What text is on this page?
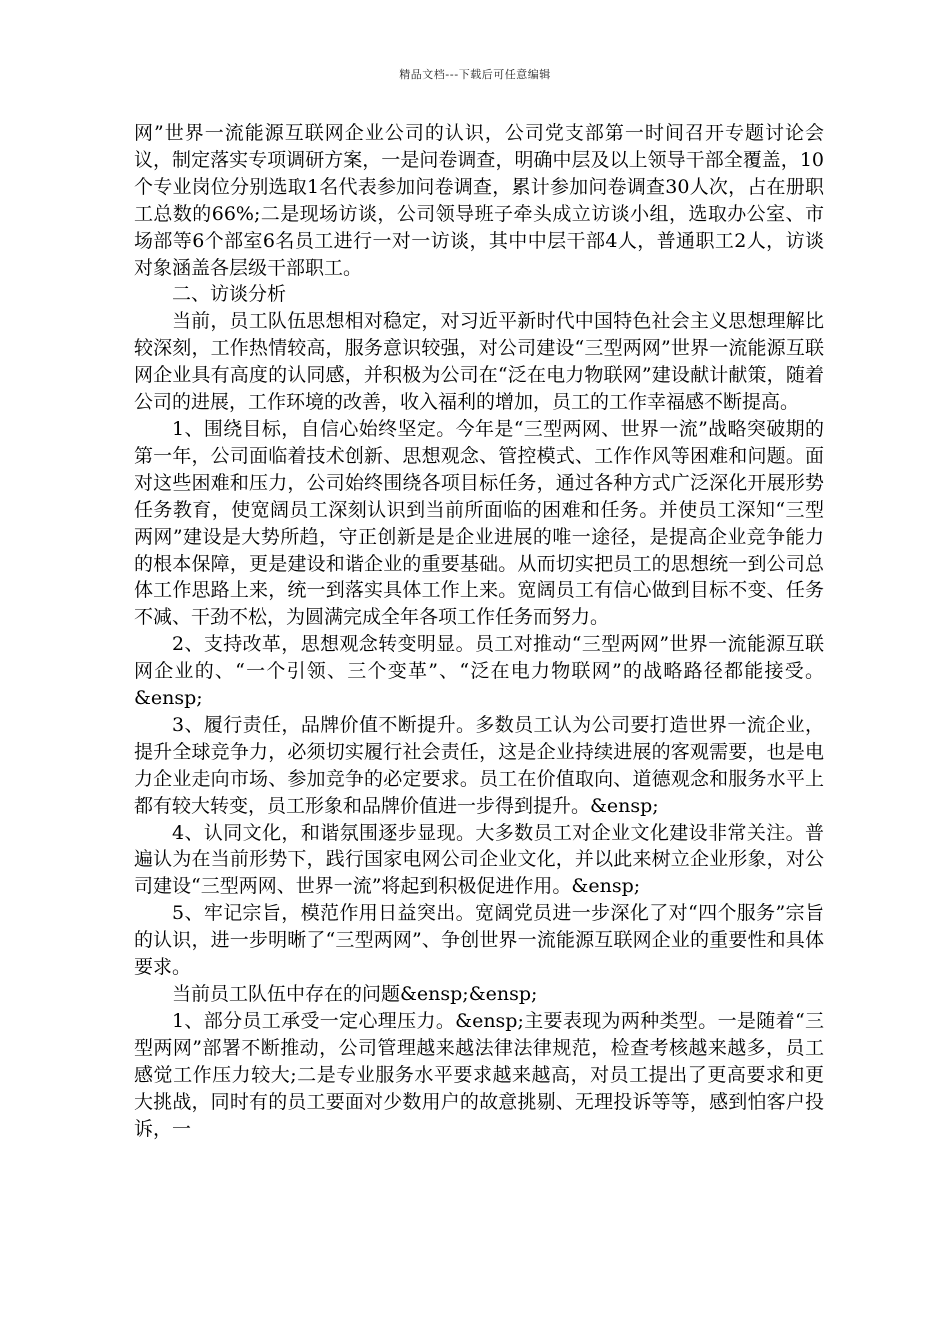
精品文档---下载后可任意编辑

网”世界一流能源互联网企业公司的认识，公司党支部第一时间召开专题讨论会议，制定落实专项调研方案，一是问卷调查，明确中层及以上领导干部全覆盖，10个专业岗位分别选取1名代表参加问卷调查，累计参加问卷调查30人次，占在册职工总数的66%;二是现场访谈，公司领导班子牵头成立访谈小组，选取办公室、市场部等6个部室6名员工进行一对一访谈，其中中层干部4人，普通职工2人，访谈对象涵盖各层级干部职工。

二、访谈分析

当前，员工队伍思想相对稳定，对习近平新时代中国特色社会主义思想理解比较深刻，工作热情较高，服务意识较强，对公司建设“三型两网”世界一流能源互联网企业具有高度的认同感，并积极为公司在“泛在电力物联网”建设献计献策，随着公司的进展，工作环境的改善，收入福利的增加，员工的工作幸福感不断提高。

1、围绕目标，自信心始终坚定。今年是“三型两网、世界一流”战略突破期的第一年，公司面临着技术创新、思想观念、管控模式、工作作风等困难和问题。面对这些困难和压力，公司始终围绕各项目标任务，通过各种方式广泛深化开展形势任务教育，使宽阔员工深刻认识到当前所面临的困难和任务。并使员工深知“三型两网”建设是大势所趋，守正创新是是企业进展的唯一途径，是提高企业竞争能力的根本保障，更是建设和谐企业的重要基础。从而切实把员工的思想统一到公司总体工作思路上来，统一到落实具体工作上来。宽阔员工有信心做到目标不变、任务不减、干劲不松，为圆满完成全年各项工作任务而努力。

2、支持改革，思想观念转变明显。员工对推动“三型两网”世界一流能源互联网企业的、“一个引领、三个变革”、“泛在电力物联网”的战略路径都能接受。&ensp;

3、履行责任，品牌价值不断提升。多数员工认为公司要打造世界一流企业，提升全球竞争力，必须切实履行社会责任，这是企业持续进展的客观需要，也是电力企业走向市场、参加竞争的必定要求。员工在价值取向、道德观念和服务水平上都有较大转变，员工形象和品牌价值进一步得到提升。&ensp;

4、认同文化，和谐氛围逐步显现。大多数员工对企业文化建设非常关注。普遍认为在当前形势下，践行国家电网公司企业文化，并以此来树立企业形象，对公司建设“三型两网、世界一流”将起到积极促进作用。&ensp;

5、牢记宗旨，模范作用日益突出。宽阔党员进一步深化了对“四个服务”宗旨的认识，进一步明晰了“三型两网”、争创世界一流能源互联网企业的重要性和具体要求。

当前员工队伍中存在的问题&ensp;&ensp;

1、部分员工承受一定心理压力。&ensp;主要表现为两种类型。一是随着“三型两网”部署不断推动，公司管理越来越法律法律规范，检查考核越来越多，员工感觉工作压力较大;二是专业服务水平要求越来越高，对员工提出了更高要求和更大挑战，同时有的员工要面对少数用户的故意挑剔、无理投诉等等，感到怕客户投诉，一
